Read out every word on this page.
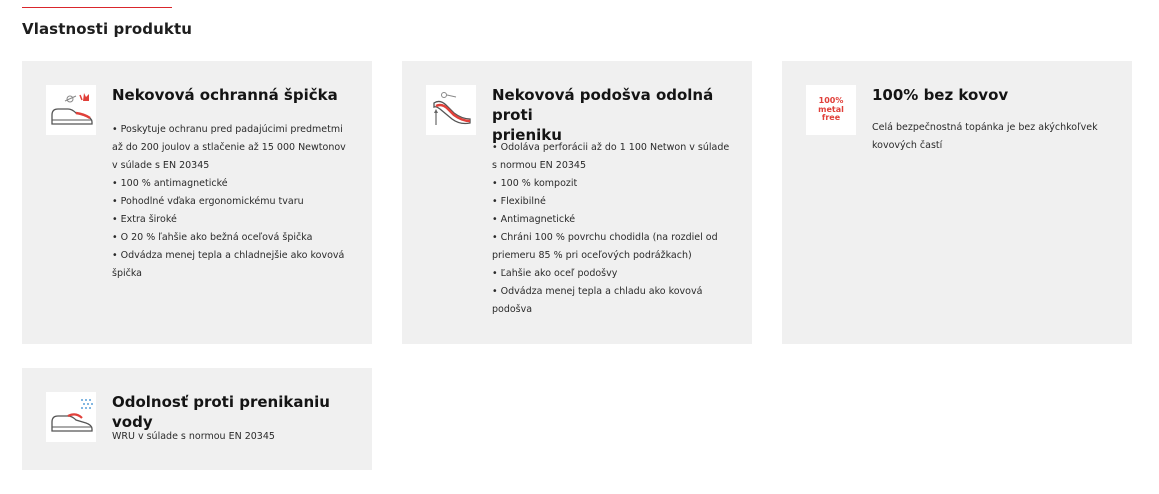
Vlastnosti produktu
Nekovová ochranná špička
• Poskytuje ochranu pred padajúcimi predmetmi
až do 200 joulov a stlačenie až 15 000 Newtonov
v súlade s EN 20345
• 100 % antimagnetické
• Pohodlné vďaka ergonomickému tvaru
• Extra široké
• O 20 % ľahšie ako bežná oceľová špička
• Odvádza menej tepla a chladnejšie ako kovová
špička
Nekovová podošva odolná proti
prieniku
• Odoláva perforácii až do 1 100 Netwon v súlade
s normou EN 20345
• 100 % kompozit
• Flexibilné
• Antimagnetické
• Chráni 100 % povrchu chodidla (na rozdiel od
priemeru 85 % pri oceľových podrážkach)
• Ľahšie ako oceľ podošvy
• Odvádza menej tepla a chladu ako kovová
podošva
100%
metal
free
100% bez kovov
Celá bezpečnostná topánka je bez akýchkoľvek
kovových častí
Odolnosť proti prenikaniu vody
WRU v súlade s normou EN 20345
